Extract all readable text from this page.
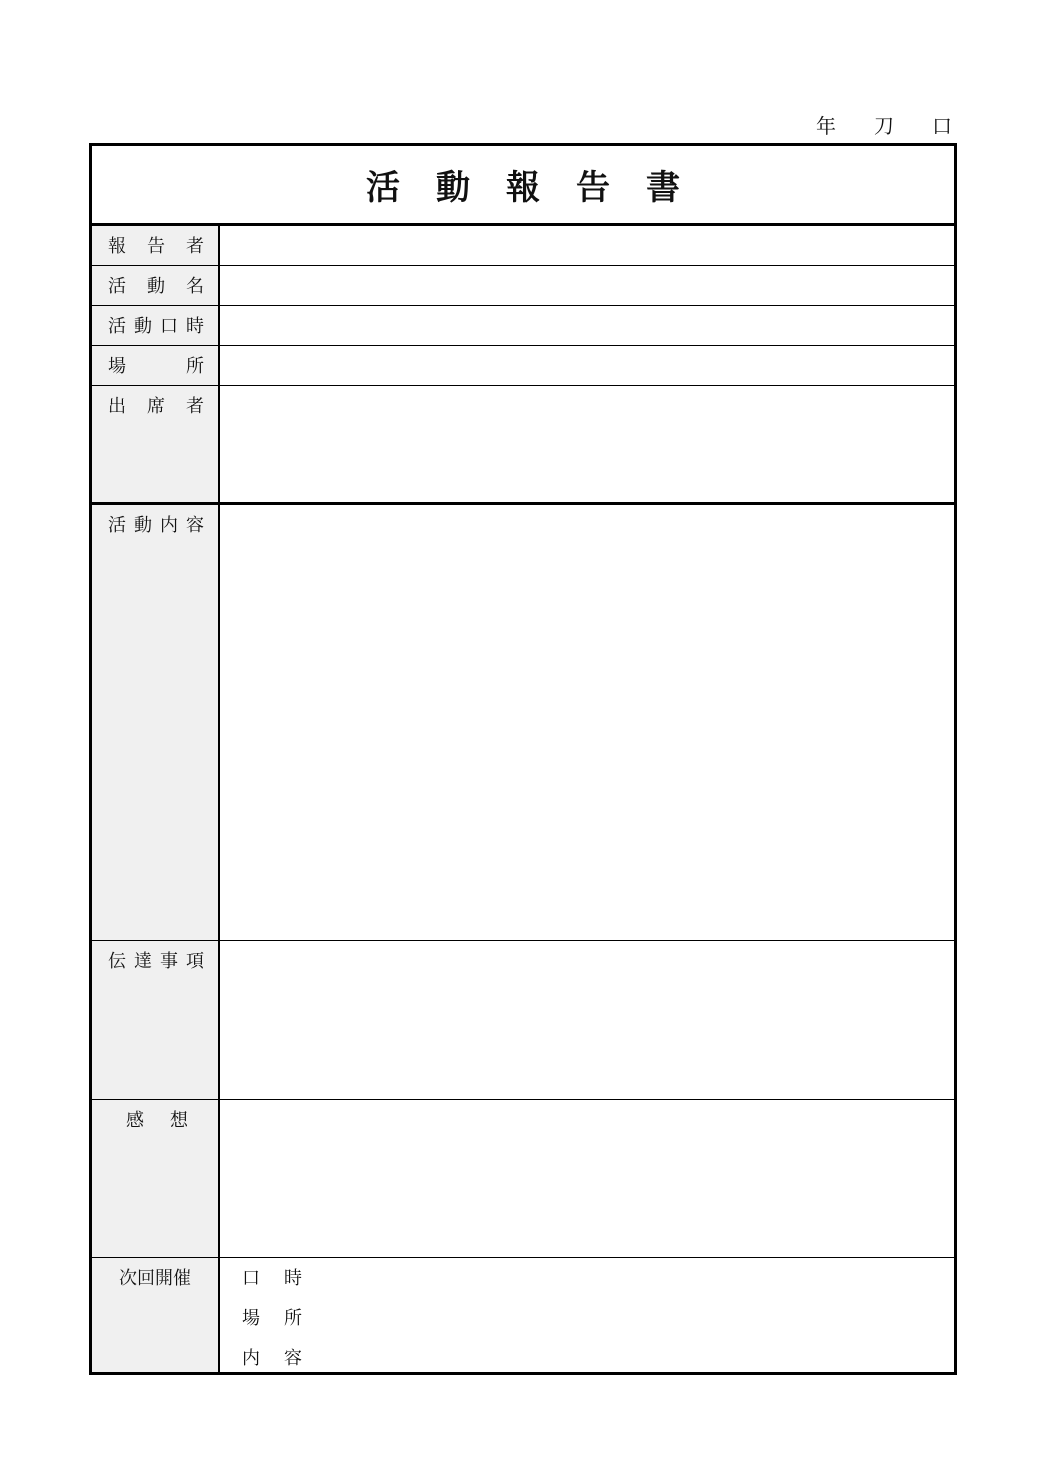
年 刀 口
活動報告書
報 告 者
活 動 名
活 動 口 時
場	所
出 席 者
活 動 内 容
伝 達 事 項
感 想
次回開催	口 時
場 所
内 容
